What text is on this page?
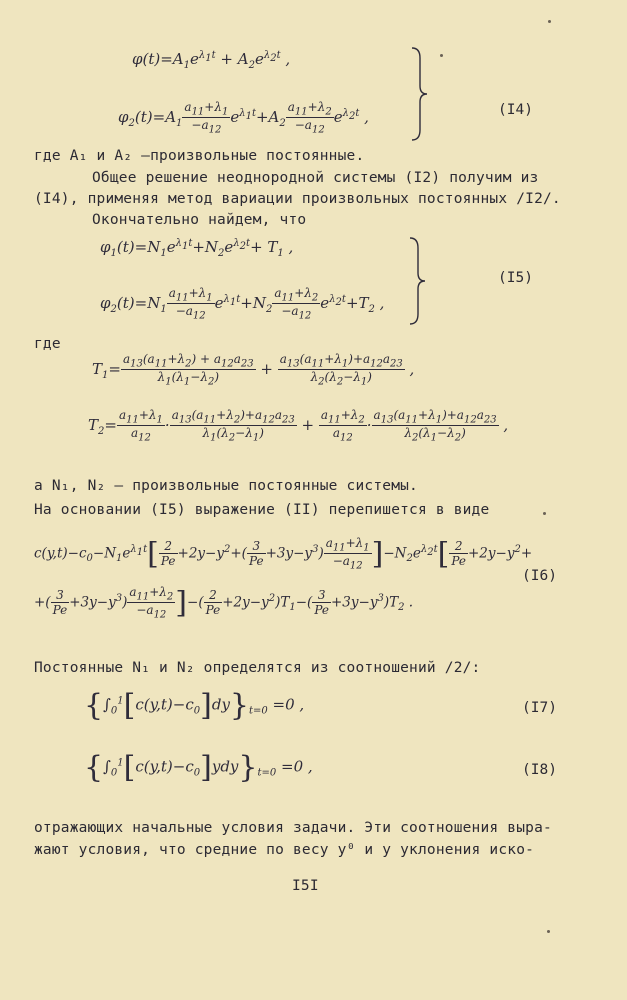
$\varphi(t)=A_1e^{\lambda_1t} + A_2e^{\lambda_2t}$ ,
$\varphi_2(t)=A_1 \frac{a_{11}+\lambda_1}{-a_{12}} e^{\lambda_1t}+A_2 \frac{a_{11}+\lambda_2}{-a_{12}} e^{\lambda_2t}$ ,	(I4)
где A₁ и A₂ –произвольные постоянные.
Общее решение неоднородной системы (I2) получим из
(I4), применяя метод вариации произвольных постоянных /I2/.
Окончательно найдем, что
$\varphi_1(t)=N_1e^{\lambda_1t}+N_2e^{\lambda_2t}+ T_1$ ,
$\varphi_2(t)=N_1 \frac{a_{11}+\lambda_1}{-a_{12}} e^{\lambda_1t}+N_2 \frac{a_{11}+\lambda_2}{-a_{12}} e^{\lambda_2t}+T_2$ ,
(I5)
где
$T_1= \frac{a_{13}(a_{11}+\lambda_2) + a_{12}a_{23}}{\lambda_1(\lambda_1-\lambda_2)} + \frac{a_{13}(a_{11}+\lambda_1)+a_{12}a_{23}}{\lambda_2(\lambda_2-\lambda_1)}$ ,
$T_2= \frac{a_{11}+\lambda_1}{a_{12}} \cdot \frac{a_{13}(a_{11}+\lambda_2)+a_{12}a_{23}}{\lambda_1(\lambda_2-\lambda_1)} + \frac{a_{11}+\lambda_2}{a_{12}} \cdot \frac{a_{13}(a_{11}+\lambda_1)+a_{12}a_{23}}{\lambda_2(\lambda_1-\lambda_2)}$ ,
а N₁, N₂ – произвольные постоянные системы.
На основании (I5) выражение (II) перепишется в виде
$c(y,t)-c_0-N_1e^{\lambda_1t}[ \frac{2}{Pe} +2y-y^2+( \frac{3}{Pe} +3y-y^3) \frac{a_{11}+\lambda_1}{-a_{12}} ]-N_2e^{\lambda_2t}[ \frac{2}{Pe} +2y-y^2+$
+( $\frac{3}{Pe} +3y-y^3) \frac{a_{11}+\lambda_2}{-a_{12}}$ ]−( $\frac{2}{Pe} +2y-y^2)T_1-( \frac{3}{Pe} +3y-y^3)T_2$ .
(I6)
Постоянные N₁ и N₂ определятся из соотношений /2/:
$\{\int_0^1[c(y,t)-c_0]dy\}_{t=0} =0$ ,	(I7)
$\{\int_0^1[c(y,t)-c_0]ydy\}_{t=0} =0$ ,	(I8)
отражающих начальные условия задачи. Эти соотношения выра-
жают условия, что средние по весу y⁰ и y уклонения иско-
I5I
